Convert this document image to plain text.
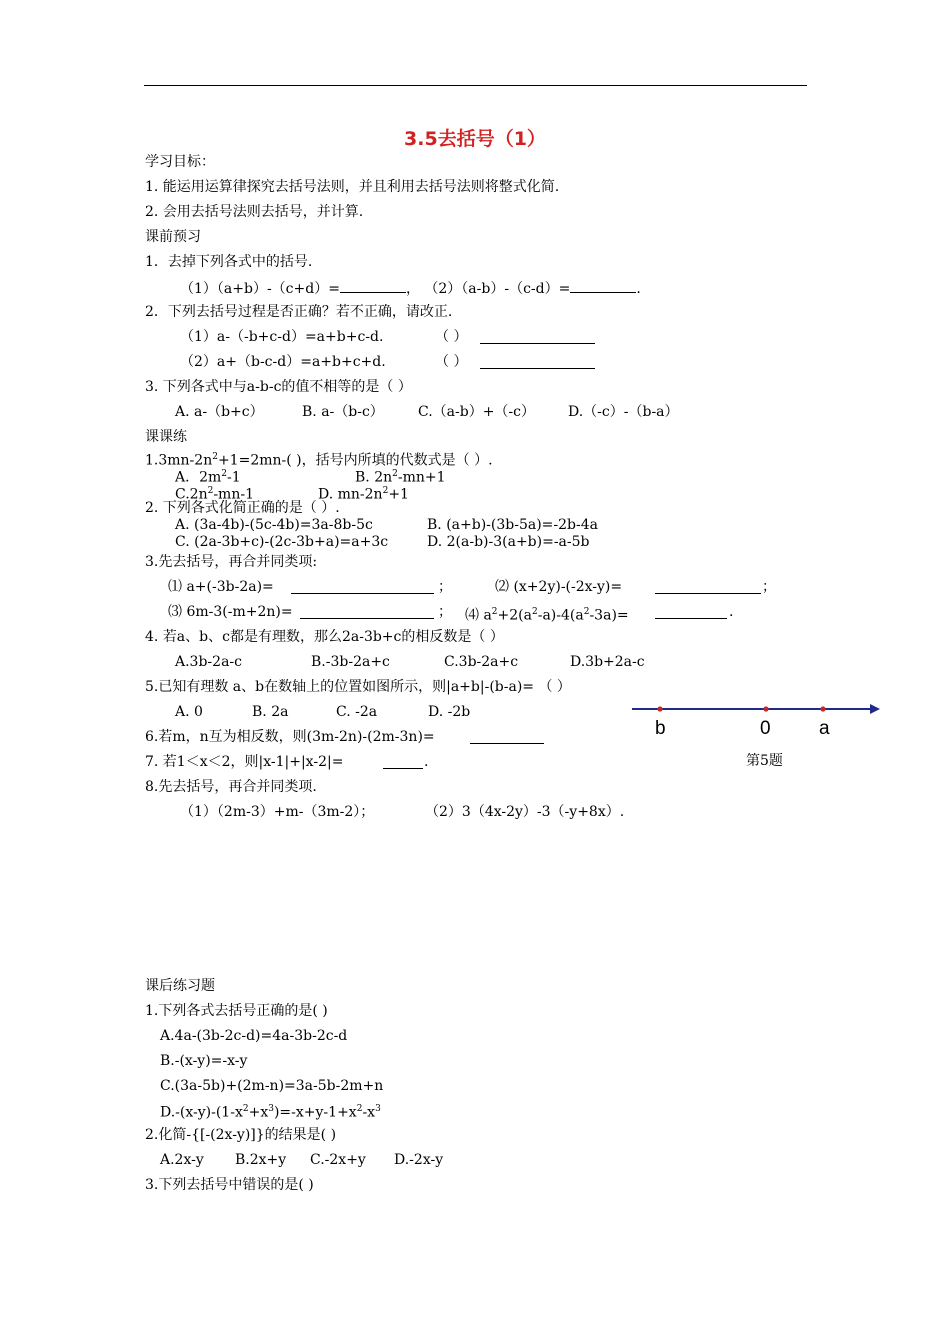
3.5去括号（1）
学习目标：
1. 能运用运算律探究去括号法则，并且利用去括号法则将整式化简.
2. 会用去括号法则去括号，并计算.
课前预习
1．去掉下列各式中的括号.
（1）（a+b）-（c+d）=	， （2）（a-b）-（c-d）=	.
2．下列去括号过程是否正确？若不正确，请改正.
（1）a-（-b+c-d）=a+b+c-d.	（ ）
（2）a+（b-c-d）=a+b+c+d.	（ ）
3. 下列各式中与a-b-c的值不相等的是（ ）
A. a-（b+c）	B. a-（b-c） C.（a-b）+（-c） D.（-c）-（b-a）
课课练
$1.3mn-2n^2+1=2mn-$( )，括号内所填的代数式是（ ）.
A．$2m^2-1$	B. $2n^2-mn+1$
$C.2n^2-mn-1$	D. $mn-2n^2+1$
2. 下列各式化简正确的是（ ）.
A. (3a-4b)-(5c-4b)=3a-8b-5c	B. (a+b)-(3b-5a)=-2b-4a
C. (2a-3b+c)-(2c-3b+a)=a+3c	D. 2(a-b)-3(a+b)=-a-5b
3.先去括号，再合并同类项:
⑴ a+(-3b-2a)=	；	⑵ (x+2y)-(-2x-y)=	；
⑶ 6m-3(-m+2n)=	； ⑷ $a^2+2(a^2-a)-4(a^2-3a)=$	.
4. 若a、b、c都是有理数，那么2a-3b+c的相反数是（ ）
A.3b-2a-c	B.-3b-2a+c	C.3b-2a+c	D.3b+2a-c
5.已知有理数 a、b在数轴上的位置如图所示，则|a+b|-(b-a)= （ ）
A. 0	B. 2a	C. -2a	D. -2b
b	0	a
第5题
6.若m，n互为相反数，则(3m-2n)-(2m-3n)=
7. 若1＜x＜2，则|x-1|+|x-2|=	.
8.先去括号，再合并同类项.
（1）（2m-3）+m-（3m-2）；	（2）3（4x-2y）-3（-y+8x）.
课后练习题
1.下列各式去括号正确的是( )
A.4a-(3b-2c-d)=4a-3b-2c-d
B.-(x-y)=-x-y
C.(3a-5b)+(2m-n)=3a-5b-2m+n
$D.-(x-y)-(1-x^2+x^3)=-x+y-1+x^2-x^3$
2.化简-{[-(2x-y)]}的结果是( )
A.2x-y B.2x+y C.-2x+y D.-2x-y
3.下列去括号中错误的是( )
